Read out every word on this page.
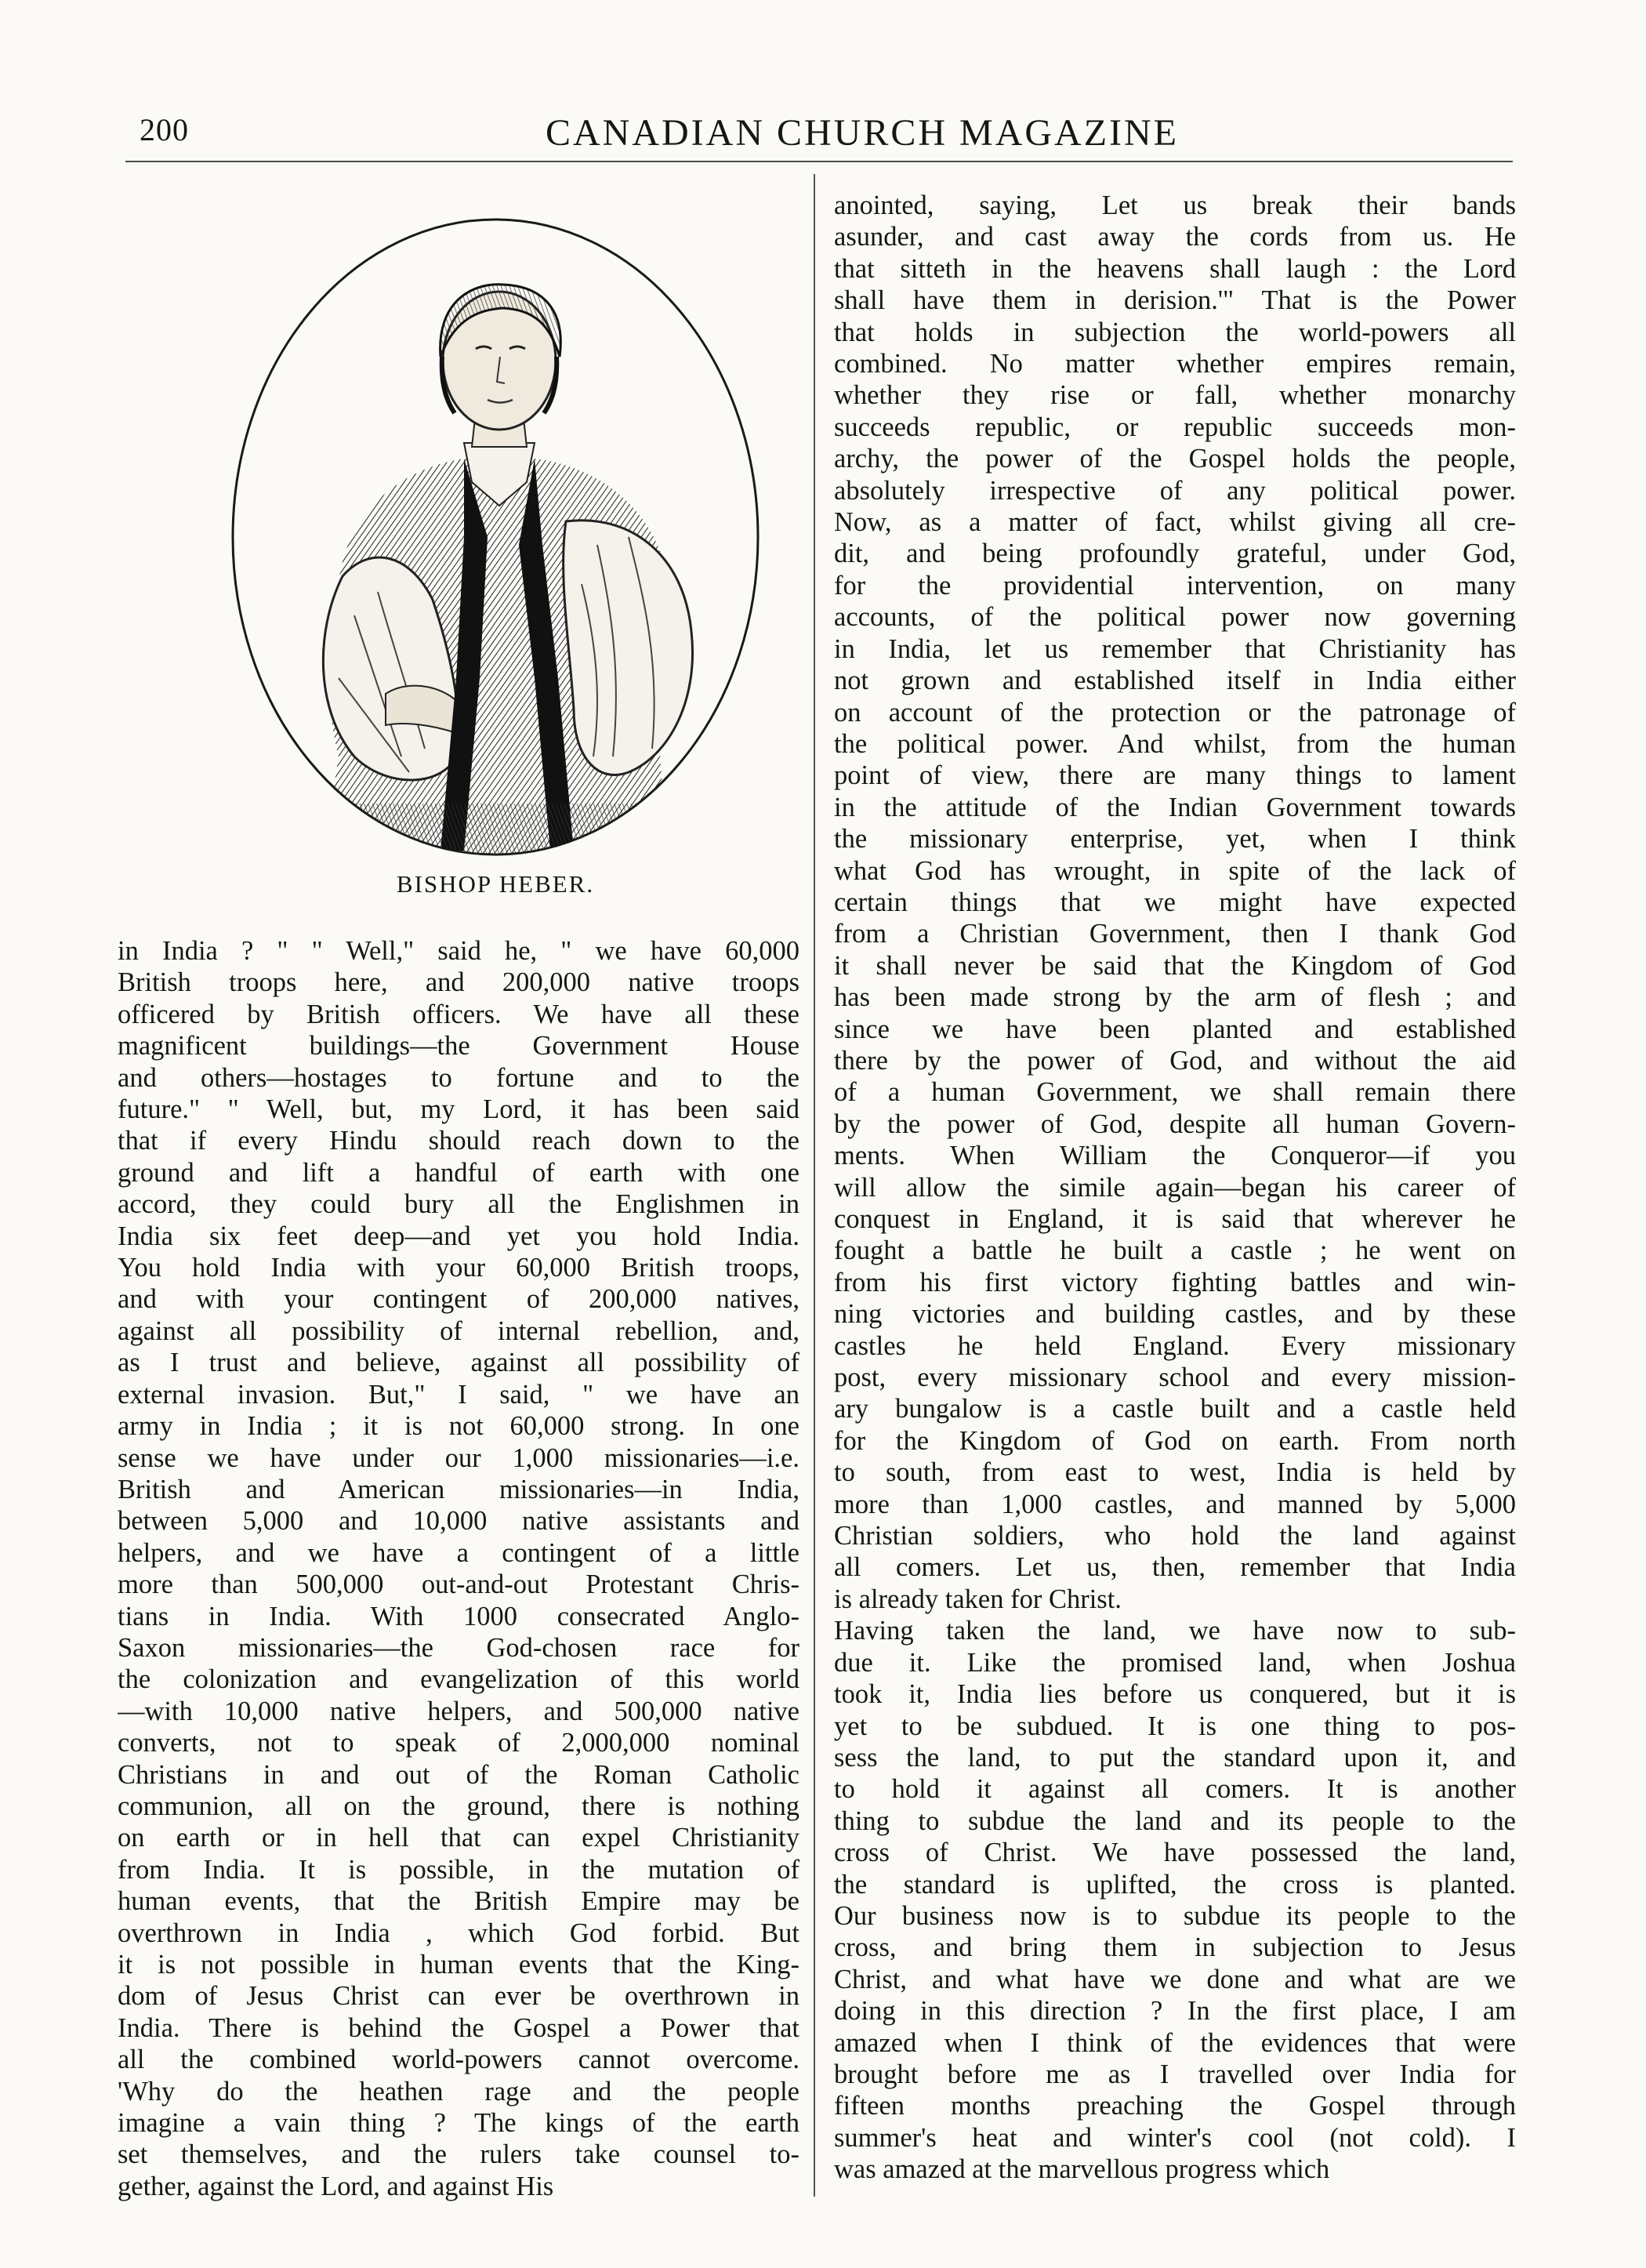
200	CANADIAN CHURCH MAGAZINE
BISHOP HEBER.
in India ? " " Well," said he, " we have 60,000
British troops here, and 200,000 native troops
officered by British officers. We have all these
magnificent buildings—the Government House
and others—hostages to fortune and to the
future." " Well, but, my Lord, it has been said
that if every Hindu should reach down to the
ground and lift a handful of earth with one
accord, they could bury all the Englishmen in
India six feet deep—and yet you hold India.
You hold India with your 60,000 British troops,
and with your contingent of 200,000 natives,
against all possibility of internal rebellion, and,
as I trust and believe, against all possibility of
external invasion. But," I said, " we have an
army in India ; it is not 60,000 strong. In one
sense we have under our 1,000 missionaries—i.e.
British and American missionaries—in India,
between 5,000 and 10,000 native assistants and
helpers, and we have a contingent of a little
more than 500,000 out-and-out Protestant Chris-
tians in India. With 1000 consecrated Anglo-
Saxon missionaries—the God-chosen race for
the colonization and evangelization of this world
—with 10,000 native helpers, and 500,000 native
converts, not to speak of 2,000,000 nominal
Christians in and out of the Roman Catholic
communion, all on the ground, there is nothing
on earth or in hell that can expel Christianity
from India. It is possible, in the mutation of
human events, that the British Empire may be
overthrown in India , which God forbid. But
it is not possible in human events that the King-
dom of Jesus Christ can ever be overthrown in
India. There is behind the Gospel a Power that
all the combined world-powers cannot overcome.
'Why do the heathen rage and the people
imagine a vain thing ? The kings of the earth
set themselves, and the rulers take counsel to-
gether, against the Lord, and against His
anointed, saying, Let us break their bands
asunder, and cast away the cords from us. He
that sitteth in the heavens shall laugh : the Lord
shall have them in derision.'" That is the Power
that holds in subjection the world-powers all
combined. No matter whether empires remain,
whether they rise or fall, whether monarchy
succeeds republic, or republic succeeds mon-
archy, the power of the Gospel holds the people,
absolutely irrespective of any political power.
Now, as a matter of fact, whilst giving all cre-
dit, and being profoundly grateful, under God,
for the providential intervention, on many
accounts, of the political power now governing
in India, let us remember that Christianity has
not grown and established itself in India either
on account of the protection or the patronage of
the political power. And whilst, from the human
point of view, there are many things to lament
in the attitude of the Indian Government towards
the missionary enterprise, yet, when I think
what God has wrought, in spite of the lack of
certain things that we might have expected
from a Christian Government, then I thank God
it shall never be said that the Kingdom of God
has been made strong by the arm of flesh ; and
since we have been planted and established
there by the power of God, and without the aid
of a human Government, we shall remain there
by the power of God, despite all human Govern-
ments. When William the Conqueror—if you
will allow the simile again—began his career of
conquest in England, it is said that wherever he
fought a battle he built a castle ; he went on
from his first victory fighting battles and win-
ning victories and building castles, and by these
castles he held England. Every missionary
post, every missionary school and every mission-
ary bungalow is a castle built and a castle held
for the Kingdom of God on earth. From north
to south, from east to west, India is held by
more than 1,000 castles, and manned by 5,000
Christian soldiers, who hold the land against
all comers. Let us, then, remember that India
is already taken for Christ.
Having taken the land, we have now to sub-
due it. Like the promised land, when Joshua
took it, India lies before us conquered, but it is
yet to be subdued. It is one thing to pos-
sess the land, to put the standard upon it, and
to hold it against all comers. It is another
thing to subdue the land and its people to the
cross of Christ. We have possessed the land,
the standard is uplifted, the cross is planted.
Our business now is to subdue its people to the
cross, and bring them in subjection to Jesus
Christ, and what have we done and what are we
doing in this direction ? In the first place, I am
amazed when I think of the evidences that were
brought before me as I travelled over India for
fifteen months preaching the Gospel through
summer's heat and winter's cool (not cold). I
was amazed at the marvellous progress which
